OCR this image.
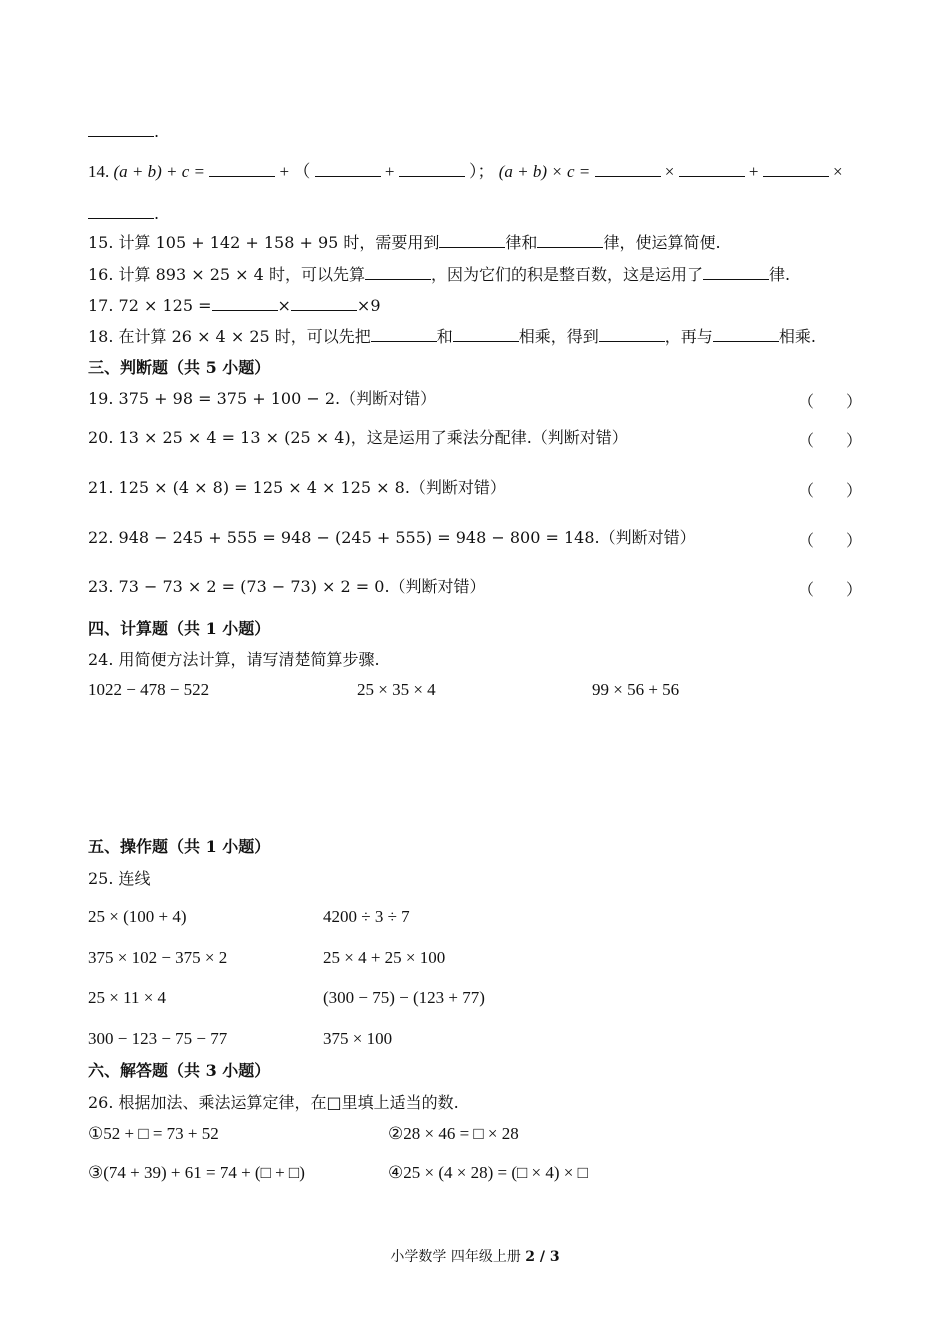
.
14. (a + b) + c =	+ （	+	）； (a + b) × c =	×	+	×
.
15. 计算 105 + 142 + 158 + 95 时，需要用到	律和	律，使运算简便.
16. 计算 893 × 25 × 4 时，可以先算	，因为它们的积是整百数，这是运用了	律.
17. 72 × 125 =	×	×9
18. 在计算 26 × 4 × 25 时，可以先把	和	相乘，得到	，再与	相乘.
三、判断题（共 5 小题）
19. 375 + 98 = 375 + 100 − 2.（判断对错）	（　　）
20. 13 × 25 × 4 = 13 × (25 × 4)，这是运用了乘法分配律.（判断对错）	（　　）
21. 125 × (4 × 8) = 125 × 4 × 125 × 8.（判断对错）	（　　）
22. 948 − 245 + 555 = 948 − (245 + 555) = 948 − 800 = 148.（判断对错）	（　　）
23. 73 − 73 × 2 = (73 − 73) × 2 = 0.（判断对错）	（　　）
四、计算题（共 1 小题）
24. 用简便方法计算，请写清楚简算步骤.
1022 − 478 − 522	25 × 35 × 4	99 × 56 + 56
五、操作题（共 1 小题）
25. 连线
25 × (100 + 4)	4200 ÷ 3 ÷ 7
375 × 102 − 375 × 2	25 × 4 + 25 × 100
25 × 11 × 4	(300 − 75) − (123 + 77)
300 − 123 − 75 − 77	375 × 100
六、解答题（共 3 小题）
26. 根据加法、乘法运算定律，在□里填上适当的数.
①52 + □ = 73 + 52	②28 × 46 = □ × 28
③(74 + 39) + 61 = 74 + (□ + □)	④25 × (4 × 28) = (□ × 4) × □
小学数学 四年级上册 2 / 3
